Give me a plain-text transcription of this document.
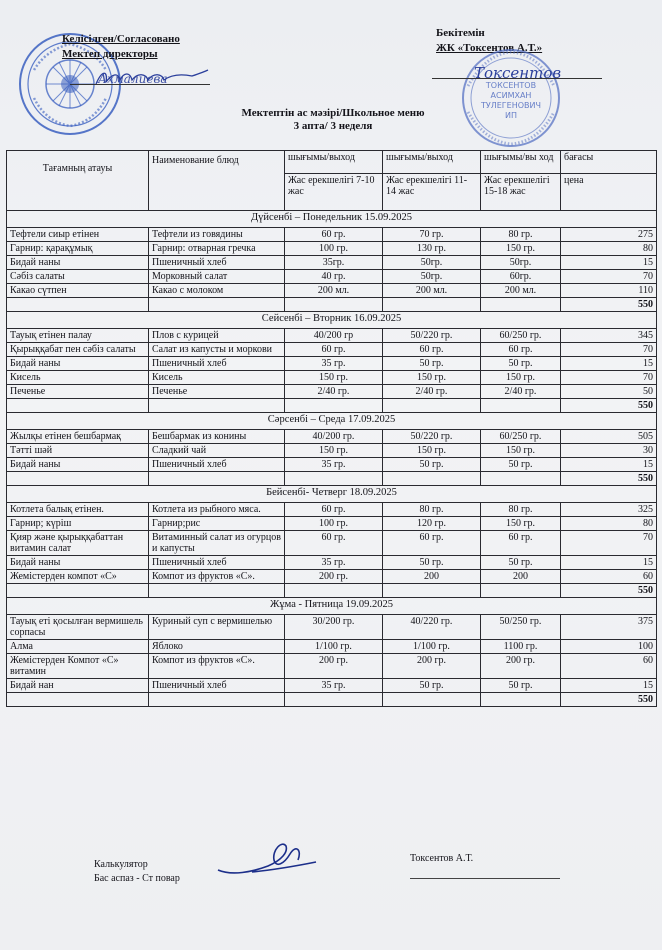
Келiсiлген/Согласовано
Мектеп директоры
Ахмалиева
Бекiтемiн
ЖК «Токсентов А.Т.»
ТОКСЕНТОВ
АСИМХАН
ТУЛЕГЕНОВИЧ
ИП
Токсентов
Мектептiн ас мәзiрi/Школьное меню
3 апта/ 3 неделя
Тағамның атауы	Наименование блюд	шығымы/выход	шығымы/выход	шығымы/вы ход	бағасы
		Жас ерекшелігі 7-10 жас	Жас ерекшелігі 11-14 жас	Жас ерекшелігі 15-18 жас	цена
Дүйсенбі – Понедельник 15.09.2025					
Тефтели сиыр етінен	Тефтели из говядины	60 гр.	70 гр.	80 гр.	275
Гарнир: қарақұмық	Гарнир: отварная гречка	100 гр.	130 гр.	150 гр.	80
Бидай наны	Пшеничный хлеб	35гр.	50гр.	50гр.	15
Сәбіз салаты	Морковный салат	40 гр.	50гр.	60гр.	70
Какао сүтпен	Какао с молоком	200 мл.	200 мл.	200 мл.	110
					550
Сейсенбі – Вторник 16.09.2025					
Тауық етінен палау	Плов с курицей	40/200 гр	50/220 гр.	60/250 гр.	345
Қырыққабат пен сәбіз салаты	Салат из капусты и моркови	60 гр.	60 гр.	60 гр.	70
Бидай наны	Пшеничный хлеб	35 гр.	50 гр.	50 гр.	15
Кисель	Кисель	150 гр.	150 гр.	150 гр.	70
Печенье	Печенье	2/40 гр.	2/40 гр.	2/40 гр.	50
					550
Сәрсенбі – Среда 17.09.2025					
Жылқы етінен бешбармақ	Бешбармак из конины	40/200 гр.	50/220 гр.	60/250 гр.	505
Тәтті шәй	Сладкий чай	150 гр.	150 гр.	150 гр.	30
Бидай наны	Пшеничный хлеб	35 гр.	50 гр.	50 гр.	15
					550
Бейсенбі- Четверг 18.09.2025					
Котлета балық етінен.	Котлета из рыбного мяса.	60 гр.	80 гр.	80 гр.	325
Гарнир; күріш	Гарнир;рис	100 гр.	120 гр.	150 гр.	80
Қияр және қырыққабаттан витамин салат	Витаминный салат из огурцов и капусты	60 гр.	60 гр.	60 гр.	70
Бидай наны	Пшеничный хлеб	35 гр.	50 гр.	50 гр.	15
Жемістерден компот «С»	Компот из фруктов «С».	200 гр.	200	200	60
					550
Жұма - Пятница 19.09.2025					
Тауық еті қосылған вермишель сорпасы	Куриный суп с вермишелью	30/200 гр.	40/220 гр.	50/250 гр.	375
Алма	Яблоко	1/100 гр.	1/100 гр.	1100 гр.	100
Жемістерден Компот «С» витамин	Компот из фруктов «С».	200 гр.	200 гр.	200 гр.	60
Бидай нан	Пшеничный хлеб	35 гр.	50 гр.	50 гр.	15
					550
Калькулятор
Бас аспаз - Ст повар
Токсентов А.Т.
